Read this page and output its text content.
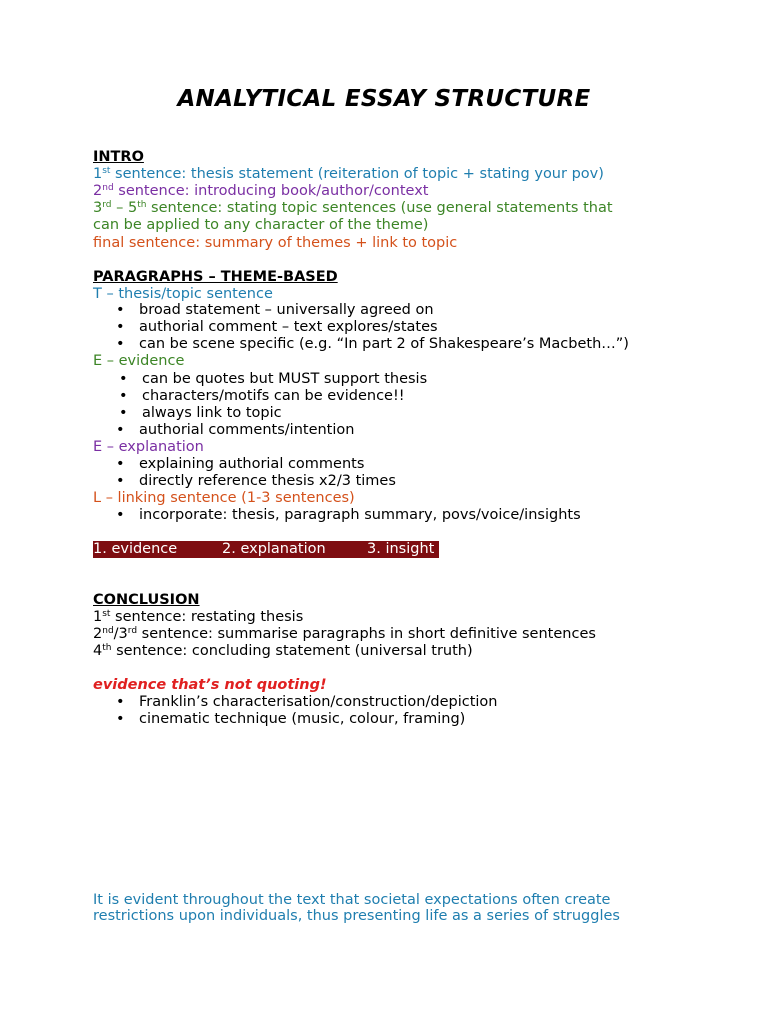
ANALYTICAL ESSAY STRUCTURE
INTRO
1st sentence: thesis statement (reiteration of topic + stating your pov)
2nd sentence: introducing book/author/context
3rd – 5th sentence: stating topic sentences (use general statements that
can be applied to any character of the theme)
final sentence: summary of themes + link to topic
PARAGRAPHS – THEME-BASED
T – thesis/topic sentence
• broad statement – universally agreed on
• authorial comment – text explores/states
• can be scene specific (e.g. “In part 2 of Shakespeare’s Macbeth…”)
E – evidence
• can be quotes but MUST support thesis
• characters/motifs can be evidence!!
• always link to topic
• authorial comments/intention
E – explanation
• explaining authorial comments
• directly reference thesis x2/3 times
L – linking sentence (1-3 sentences)
• incorporate: thesis, paragraph summary, povs/voice/insights
1. evidence	2. explanation	3. insight
CONCLUSION
1st sentence: restating thesis
2nd/3rd sentence: summarise paragraphs in short definitive sentences
4th sentence: concluding statement (universal truth)
evidence that’s not quoting!
• Franklin’s characterisation/construction/depiction
• cinematic technique (music, colour, framing)
It is evident throughout the text that societal expectations often create
restrictions upon individuals, thus presenting life as a series of struggles
